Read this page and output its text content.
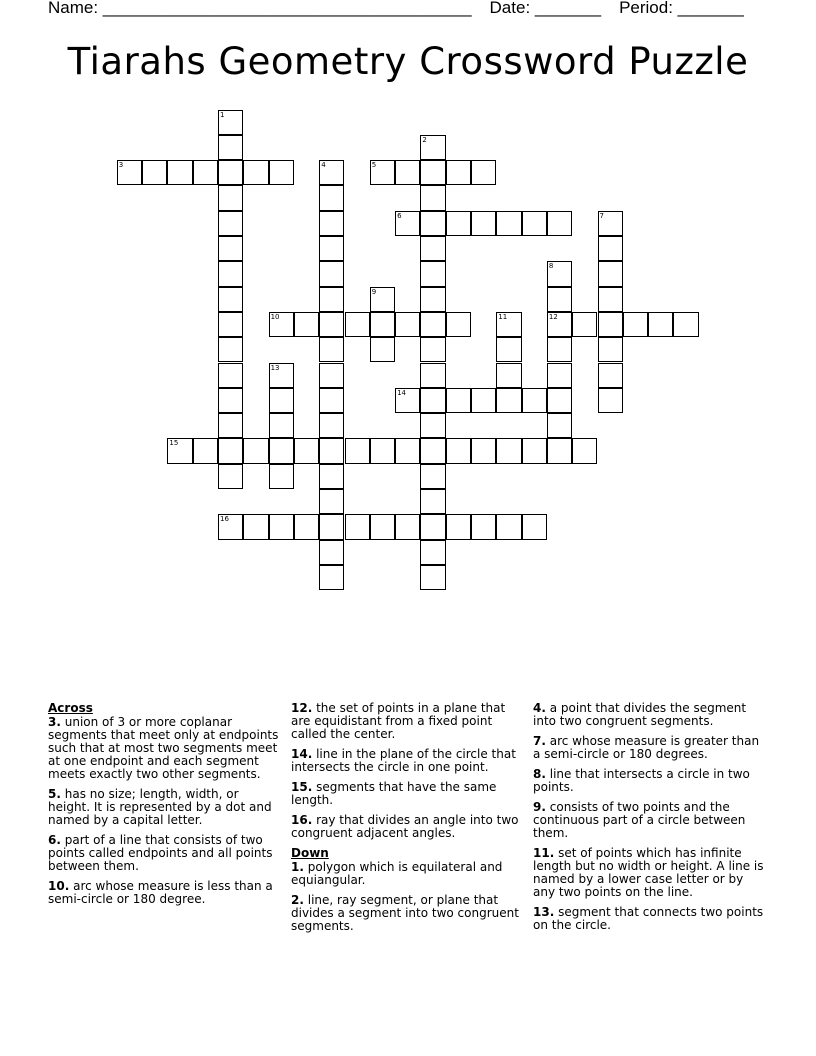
Name: _______________________________________ Date: _______ Period: _______
Tiarahs Geometry Crossword Puzzle
1
2
3	4	5
6	7
8
12
9
10	11
13
14
15
16
Across
3. union of 3 or more coplanar segments that meet only at endpoints such that at most two segments meet at one endpoint and each segment meets exactly two other segments.
5. has no size; length, width, or height. It is represented by a dot and named by a capital letter.
6. part of a line that consists of two points called endpoints and all points between them.
10. arc whose measure is less than a semi-circle or 180 degree.
12. the set of points in a plane that are equidistant from a fixed point called the center.
14. line in the plane of the circle that intersects the circle in one point.
15. segments that have the same length.
16. ray that divides an angle into two congruent adjacent angles.
Down
1. polygon which is equilateral and equiangular.
2. line, ray segment, or plane that divides a segment into two congruent segments.
4. a point that divides the segment into two congruent segments.
7. arc whose measure is greater than a semi-circle or 180 degrees.
8. line that intersects a circle in two points.
9. consists of two points and the continuous part of a circle between them.
11. set of points which has infinite length but no width or height. A line is named by a lower case letter or by any two points on the line.
13. segment that connects two points on the circle.
